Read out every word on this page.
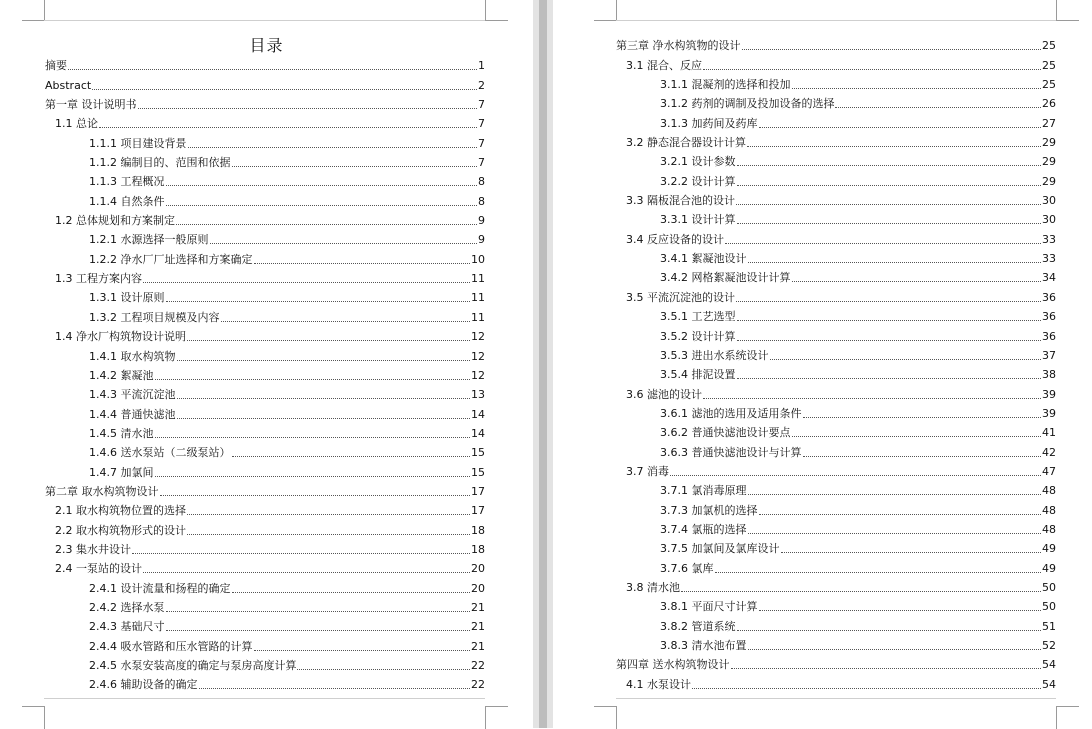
目录
摘要	1
Abstract	2
第一章 设计说明书	7
1.1 总论	7
1.1.1 项目建设背景	7
1.1.2 编制目的、范围和依据	7
1.1.3 工程概况	8
1.1.4 自然条件	8
1.2 总体规划和方案制定	9
1.2.1 水源选择一般原则	9
1.2.2 净水厂厂址选择和方案确定	10
1.3 工程方案内容	11
1.3.1 设计原则	11
1.3.2 工程项目规模及内容	11
1.4 净水厂构筑物设计说明	12
1.4.1 取水构筑物	12
1.4.2 絮凝池	12
1.4.3 平流沉淀池	13
1.4.4 普通快滤池	14
1.4.5 清水池	14
1.4.6 送水泵站（二级泵站）	15
1.4.7 加氯间	15
第二章 取水构筑物设计	17
2.1 取水构筑物位置的选择	17
2.2 取水构筑物形式的设计	18
2.3 集水井设计	18
2.4 一泵站的设计	20
2.4.1 设计流量和扬程的确定	20
2.4.2 选择水泵	21
2.4.3 基础尺寸	21
2.4.4 吸水管路和压水管路的计算	21
2.4.5 水泵安装高度的确定与泵房高度计算	22
2.4.6 辅助设备的确定	22
第三章 净水构筑物的设计	25
3.1 混合、反应	25
3.1.1 混凝剂的选择和投加	25
3.1.2 药剂的调制及投加设备的选择	26
3.1.3 加药间及药库	27
3.2 静态混合器设计计算	29
3.2.1 设计参数	29
3.2.2 设计计算	29
3.3 隔板混合池的设计	30
3.3.1 设计计算	30
3.4 反应设备的设计	33
3.4.1 絮凝池设计	33
3.4.2 网格絮凝池设计计算	34
3.5 平流沉淀池的设计	36
3.5.1 工艺选型	36
3.5.2 设计计算	36
3.5.3 进出水系统设计	37
3.5.4 排泥设置	38
3.6 滤池的设计	39
3.6.1 滤池的选用及适用条件	39
3.6.2 普通快滤池设计要点	41
3.6.3 普通快滤池设计与计算	42
3.7 消毒	47
3.7.1 氯消毒原理	48
3.7.3 加氯机的选择	48
3.7.4 氯瓶的选择	48
3.7.5 加氯间及氯库设计	49
3.7.6 氯库	49
3.8 清水池	50
3.8.1 平面尺寸计算	50
3.8.2 管道系统	51
3.8.3 清水池布置	52
第四章 送水构筑物设计	54
4.1 水泵设计	54
